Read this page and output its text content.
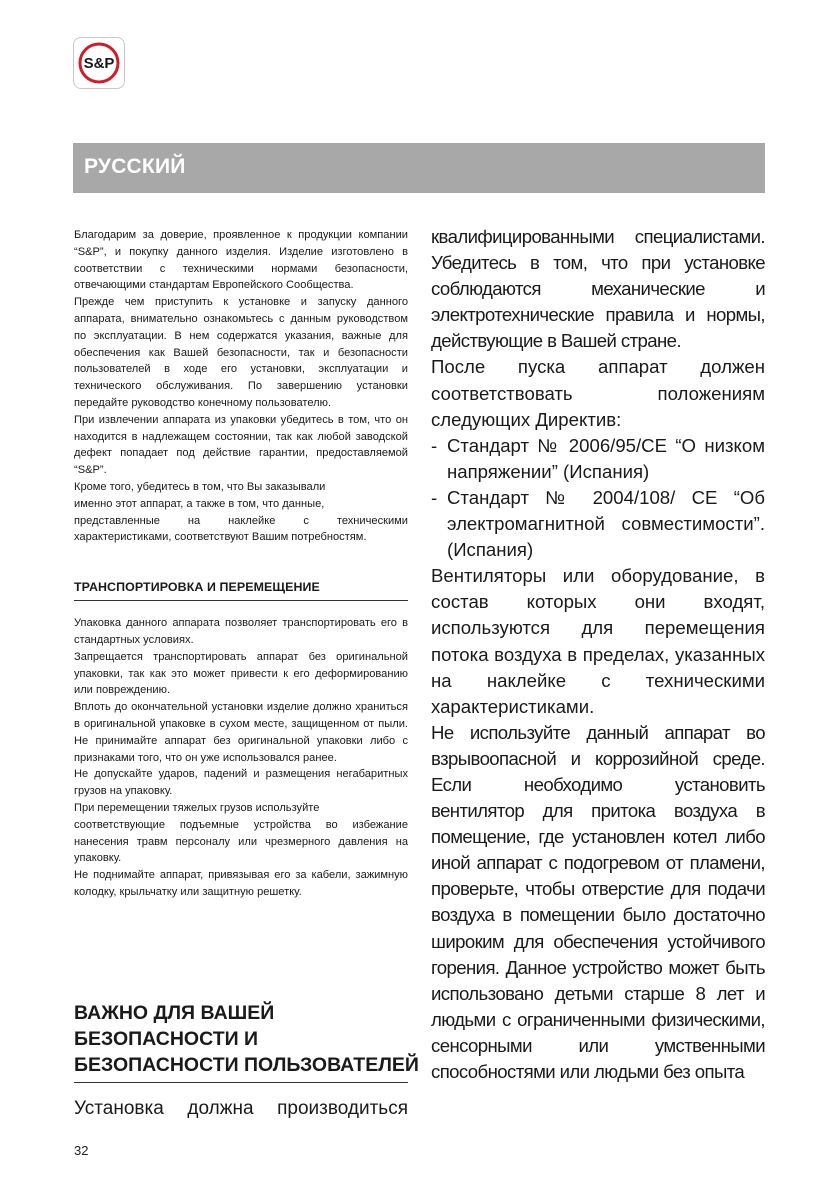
S&P
РУССКИЙ

Благодарим за доверие, проявленное к продукции компании “S&P”, и покупку данного изделия. Изделие изготовлено в соответствии с техническими нормами безопасности, отвечающими стандартам Европейского Сообщества.

Прежде чем приступить к установке и запуску данного аппарата, внимательно ознакомьтесь с данным руководством по эксплуатации. В нем содержатся указания, важные для обеспечения как Вашей безопасности, так и безопасности пользователей в ходе его установки, эксплуатации и технического обслуживания. По завершению установки передайте руководство конечному пользователю.

При извлечении аппарата из упаковки убедитесь в том, что он находится в надлежащем состоянии, так как любой заводской дефект попадает под действие гарантии, предоставляемой “S&P”.

Кроме того, убедитесь в том, что Вы заказывали

именно этот аппарат, а также в том, что данные,

представленные на наклейке с техническими характеристиками, соответствуют Вашим потребностям.

ТРАНСПОРТИРОВКА И ПЕРЕМЕЩЕНИЕ

Упаковка данного аппарата позволяет транспортировать его в стандартных условиях.

Запрещается транспортировать аппарат без оригинальной упаковки, так как это может привести к его деформированию или повреждению.

Вплоть до окончательной установки изделие должно храниться в оригинальной упаковке в сухом месте, защищенном от пыли. Не принимайте аппарат без оригинальной упаковки либо с признаками того, что он уже использовался ранее.

Не допускайте ударов, падений и размещения негабаритных грузов на упаковку.

При перемещении тяжелых грузов используйте

соответствующие подъемные устройства во избежание нанесения травм персоналу или чрезмерного давления на упаковку.

Не поднимайте аппарат, привязывая его за кабели, зажимную колодку, крыльчатку или защитную решетку.

ВАЖНО ДЛЯ ВАШЕЙ
БЕЗОПАСНОСТИ И
БЕЗОПАСНОСТИ ПОЛЬЗОВАТЕЛЕЙ
Установка должна производиться

квалифицированными специалистами. Убедитесь в том, что при установке соблюдаются механические и электротехнические правила и нормы, действующие в Вашей стране.

После пуска аппарат должен соответствовать положениям следующих Директив:

- Стандарт № 2006/95/CE “О низком напряжении” (Испания)

- Стандарт № 2004/108/ CE “Об электромагнитной совместимости”. (Испания)

Вентиляторы или оборудование, в состав которых они входят, используются для перемещения потока воздуха в пределах, указанных на наклейке с техническими характеристиками.

Не используйте данный аппарат во взрывоопасной и коррозийной среде. Если необходимо установить вентилятор для притока воздуха в помещение, где установлен котел либо иной аппарат с подогревом от пламени, проверьте, чтобы отверстие для подачи воздуха в помещении было достаточно широким для обеспечения устойчивого горения. Данное устройство может быть использовано детьми старше 8 лет и людьми с ограниченными физическими, сенсорными или умственными способностями или людьми без опыта

32
